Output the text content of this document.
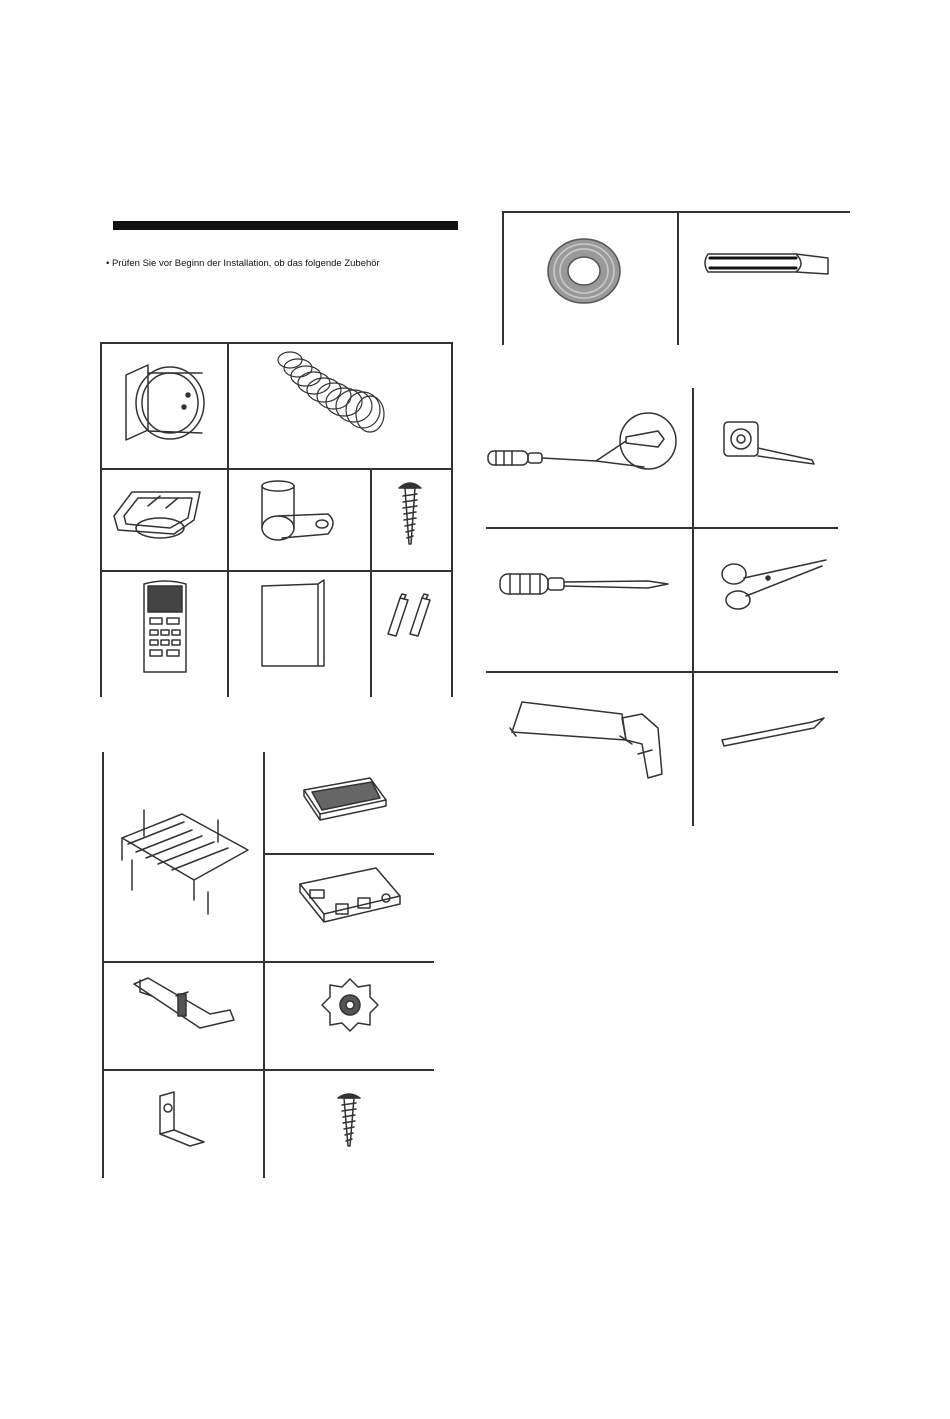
• Prüfen Sie vor Beginn der Installation, ob das folgende Zubehör
